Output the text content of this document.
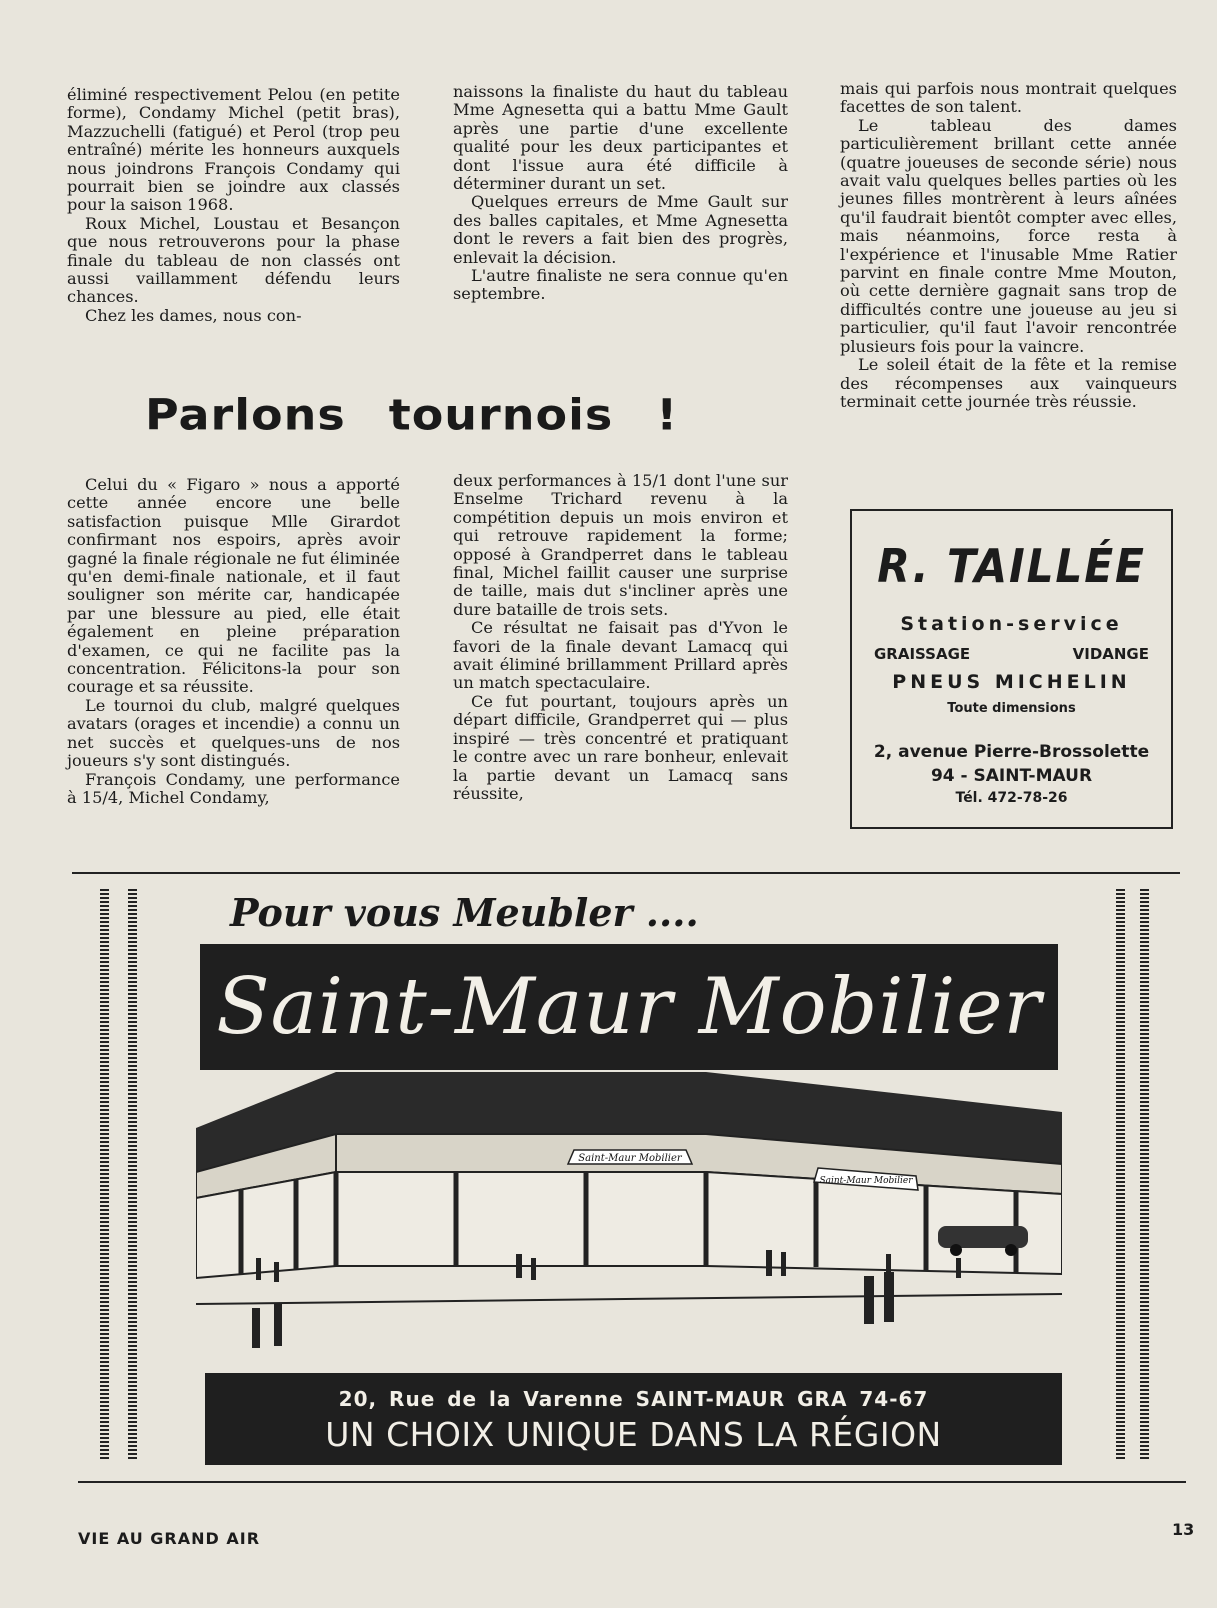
éliminé respectivement Pelou (en petite forme), Condamy Michel (petit bras), Mazzuchelli (fatigué) et Perol (trop peu entraîné) mérite les honneurs auxquels nous joindrons François Condamy qui pourrait bien se joindre aux classés pour la saison 1968.

Roux Michel, Loustau et Besançon que nous retrouverons pour la phase finale du tableau de non classés ont aussi vaillamment défendu leurs chances.

Chez les dames, nous con-

naissons la finaliste du haut du tableau Mme Agnesetta qui a battu Mme Gault après une partie d'une excellente qualité pour les deux participantes et dont l'issue aura été difficile à déterminer durant un set.

Quelques erreurs de Mme Gault sur des balles capitales, et Mme Agnesetta dont le revers a fait bien des progrès, enlevait la décision.

L'autre finaliste ne sera connue qu'en septembre.

mais qui parfois nous montrait quelques facettes de son talent.

Le tableau des dames particulièrement brillant cette année (quatre joueuses de seconde série) nous avait valu quelques belles parties où les jeunes filles montrèrent à leurs aînées qu'il faudrait bientôt compter avec elles, mais néanmoins, force resta à l'expérience et l'inusable Mme Ratier parvint en finale contre Mme Mouton, où cette dernière gagnait sans trop de difficultés contre une joueuse au jeu si particulier, qu'il faut l'avoir rencontrée plusieurs fois pour la vaincre.

Le soleil était de la fête et la remise des récompenses aux vainqueurs terminait cette journée très réussie.

Parlons tournois !

Celui du « Figaro » nous a apporté cette année encore une belle satisfaction puisque Mlle Girardot confirmant nos espoirs, après avoir gagné la finale régionale ne fut éliminée qu'en demi-finale nationale, et il faut souligner son mérite car, handicapée par une blessure au pied, elle était également en pleine préparation d'examen, ce qui ne facilite pas la concentration. Félicitons-la pour son courage et sa réussite.

Le tournoi du club, malgré quelques avatars (orages et incendie) a connu un net succès et quelques-uns de nos joueurs s'y sont distingués.

François Condamy, une performance à 15/4, Michel Condamy,

deux performances à 15/1 dont l'une sur Enselme Trichard revenu à la compétition depuis un mois environ et qui retrouve rapidement la forme; opposé à Grandperret dans le tableau final, Michel faillit causer une surprise de taille, mais dut s'incliner après une dure bataille de trois sets.

Ce résultat ne faisait pas d'Yvon le favori de la finale devant Lamacq qui avait éliminé brillamment Prillard après un match spectaculaire.

Ce fut pourtant, toujours après un départ difficile, Grandperret qui — plus inspiré — très concentré et pratiquant le contre avec un rare bonheur, enlevait la partie devant un Lamacq sans réussite,

R. TAILLÉE
Station-service
GRAISSAGE	VIDANGE
PNEUS MICHELIN
Toute dimensions
2, avenue Pierre-Brossolette
94 - SAINT-MAUR
Tél. 472-78-26
Pour vous Meubler ....
Saint-Maur Mobilier
Saint-Maur Mobilier
Saint-Maur Mobilier
20, Rue de la Varenne SAINT-MAUR GRA 74-67
UN CHOIX UNIQUE DANS LA RÉGION
VIE AU GRAND AIR	13
